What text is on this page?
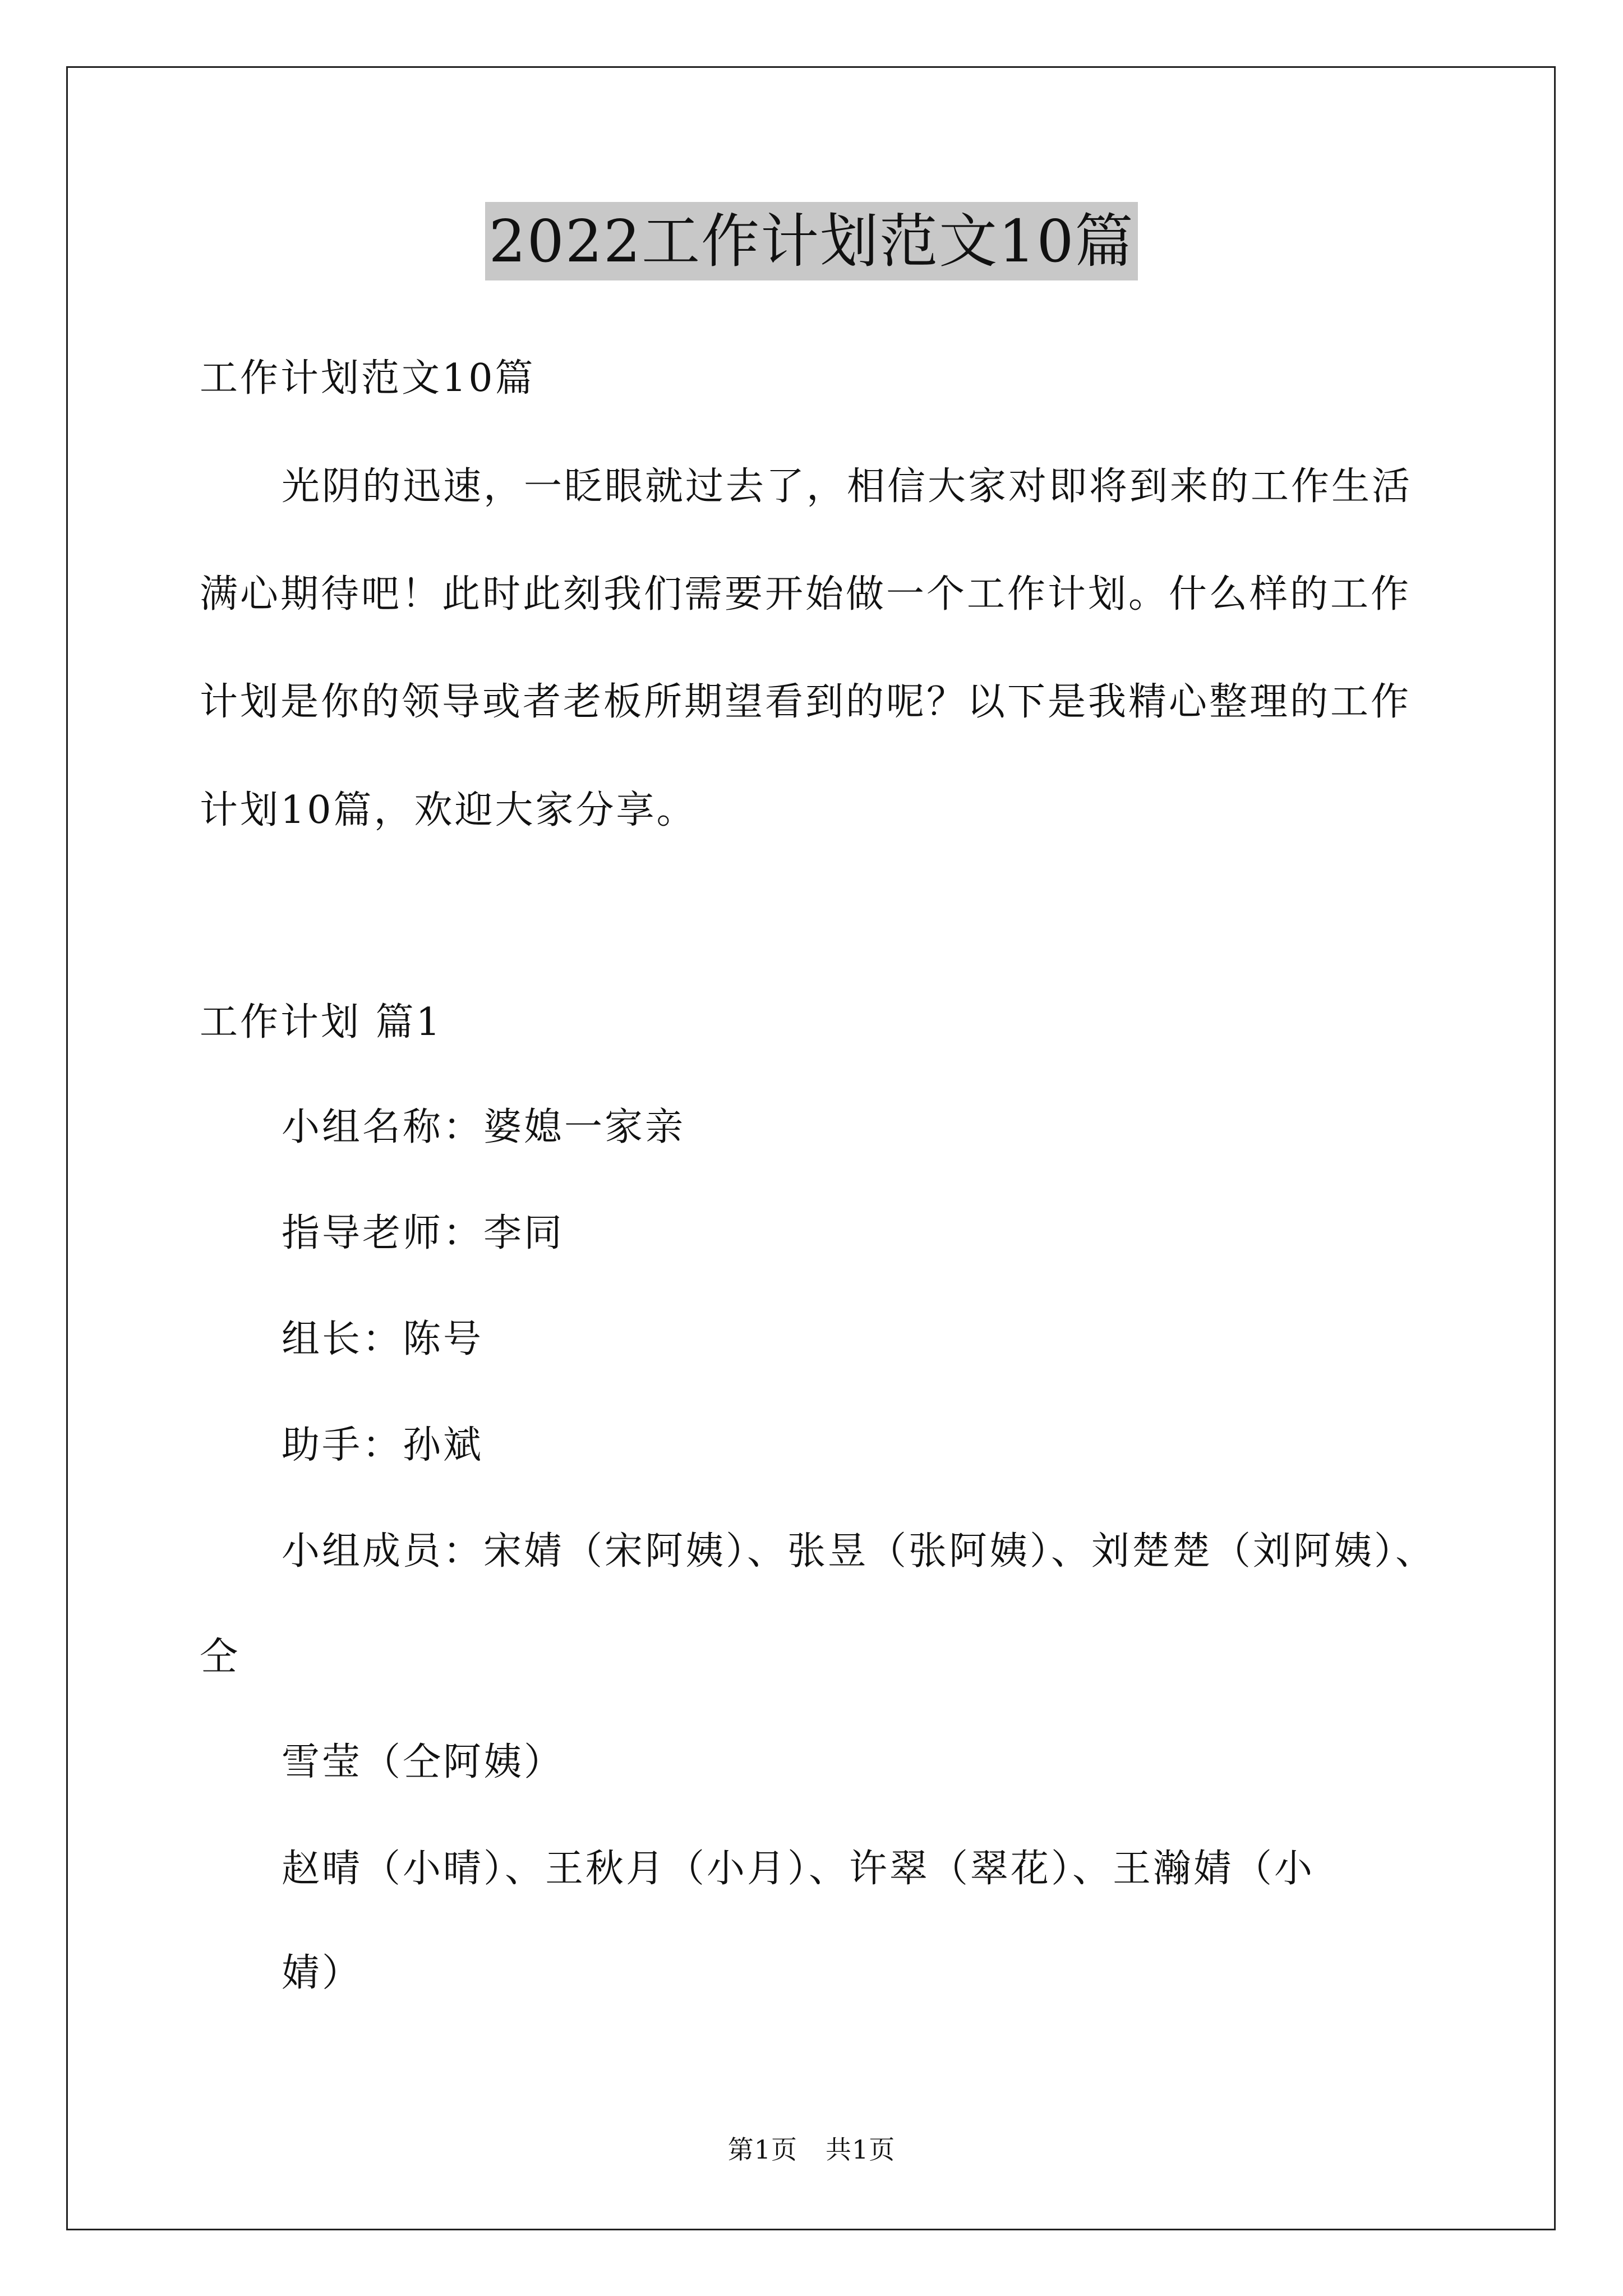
2022工作计划范文10篇
工作计划范文10篇
光阴的迅速，一眨眼就过去了，相信大家对即将到来的工作生活
满心期待吧！此时此刻我们需要开始做一个工作计划。什么样的工作
计划是你的领导或者老板所期望看到的呢？以下是我精心整理的工作
计划10篇，欢迎大家分享。
工作计划 篇1
小组名称：婆媳一家亲
指导老师：李同
组长：陈号
助手：孙斌
小组成员：宋婧（宋阿姨）、张昱（张阿姨）、刘楚楚（刘阿姨）、
仝
雪莹（仝阿姨）
赵晴（小晴）、王秋月（小月）、许翠（翠花）、王瀚婧（小
婧）
第1页 共1页
